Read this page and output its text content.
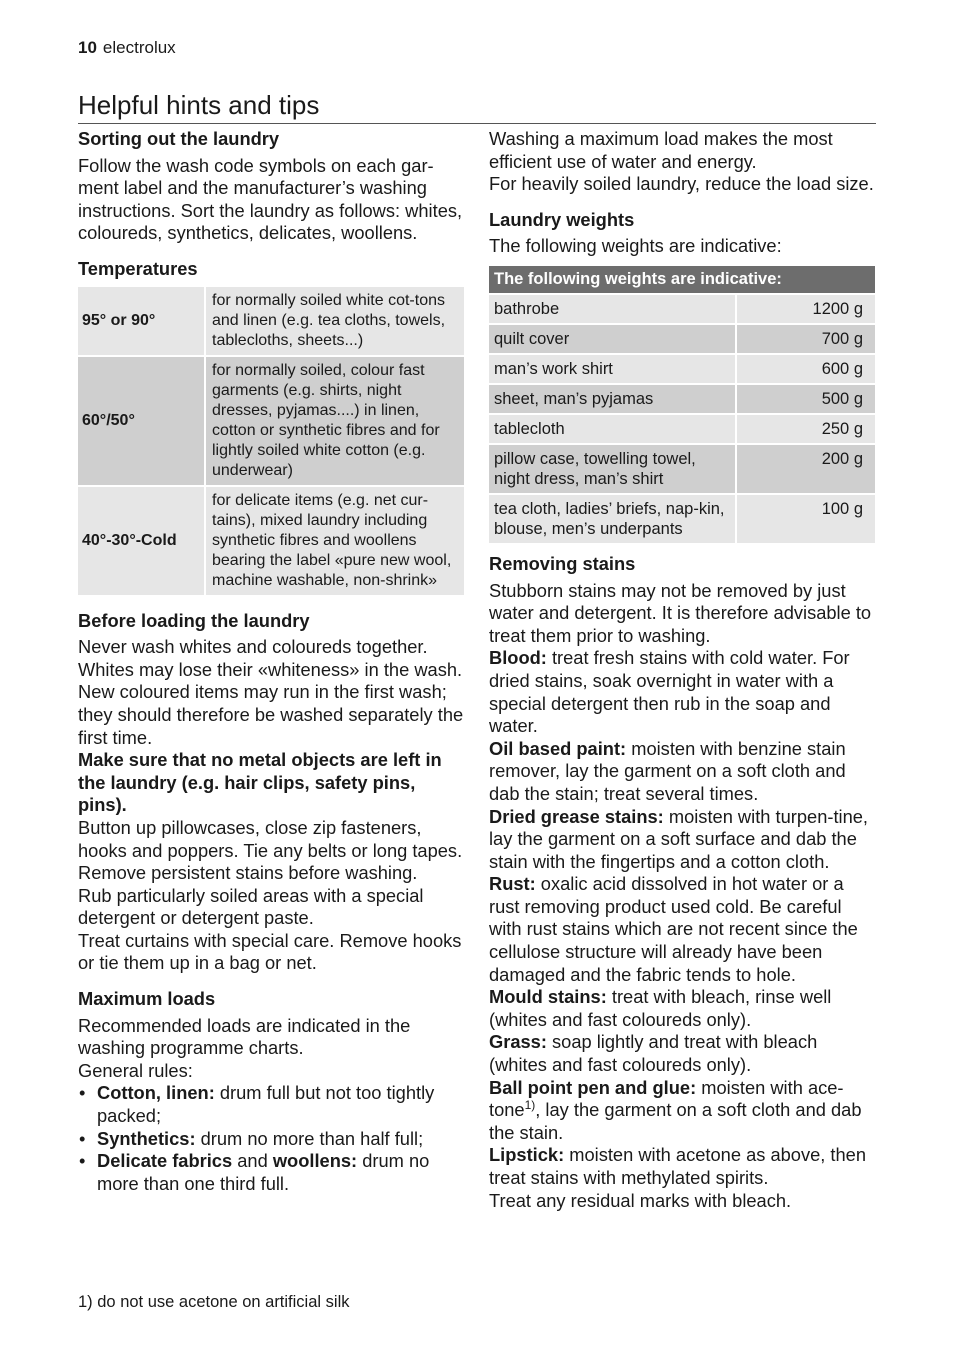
10 electrolux
Helpful hints and tips
Sorting out the laundry

Follow the wash code symbols on each gar-ment label and the manufacturer’s washing instructions. Sort the laundry as follows: whites, coloureds, synthetics, delicates, woollens.

Temperatures
95° or 90°	for normally soiled white cot-tons and linen (e.g. tea cloths, towels, tablecloths, sheets...)
60°/50°	for normally soiled, colour fast garments (e.g. shirts, night dresses, pyjamas....) in linen, cotton or synthetic fibres and for lightly soiled white cotton (e.g. underwear)
40°-30°-Cold	for delicate items (e.g. net cur-tains), mixed laundry including synthetic fibres and woollens bearing the label «pure new wool, machine washable, non-shrink»
Before loading the laundry

Never wash whites and coloureds together. Whites may lose their «whiteness» in the wash.

New coloured items may run in the first wash; they should therefore be washed separately the first time.

Make sure that no metal objects are left in the laundry (e.g. hair clips, safety pins, pins).

Button up pillowcases, close zip fasteners, hooks and poppers. Tie any belts or long tapes.

Remove persistent stains before washing.

Rub particularly soiled areas with a special detergent or detergent paste.

Treat curtains with special care. Remove hooks or tie them up in a bag or net.

Maximum loads

Recommended loads are indicated in the washing programme charts.

General rules:

• Cotton, linen: drum full but not too tightly packed;
• Synthetics: drum no more than half full;
• Delicate fabrics and woollens: drum no more than one third full.

Washing a maximum load makes the most efficient use of water and energy.

For heavily soiled laundry, reduce the load size.

Laundry weights

The following weights are indicative:

The following weights are indicative:	
bathrobe	1200 g
quilt cover	700 g
man’s work shirt	600 g
sheet, man’s pyjamas	500 g
tablecloth	250 g
pillow case, towelling towel, night dress, man’s shirt	200 g
tea cloth, ladies’ briefs, nap-kin, blouse, men’s underpants	100 g
Removing stains

Stubborn stains may not be removed by just water and detergent. It is therefore advisable to treat them prior to washing.

Blood: treat fresh stains with cold water. For dried stains, soak overnight in water with a special detergent then rub in the soap and water.

Oil based paint: moisten with benzine stain remover, lay the garment on a soft cloth and dab the stain; treat several times.

Dried grease stains: moisten with turpen-tine, lay the garment on a soft surface and dab the stain with the fingertips and a cotton cloth.

Rust: oxalic acid dissolved in hot water or a rust removing product used cold. Be careful with rust stains which are not recent since the cellulose structure will already have been damaged and the fabric tends to hole.

Mould stains: treat with bleach, rinse well (whites and fast coloureds only).

Grass: soap lightly and treat with bleach (whites and fast coloureds only).

Ball point pen and glue: moisten with ace-tone$^{1)}$, lay the garment on a soft cloth and dab the stain.

Lipstick: moisten with acetone as above, then treat stains with methylated spirits.

Treat any residual marks with bleach.

1) do not use acetone on artificial silk
